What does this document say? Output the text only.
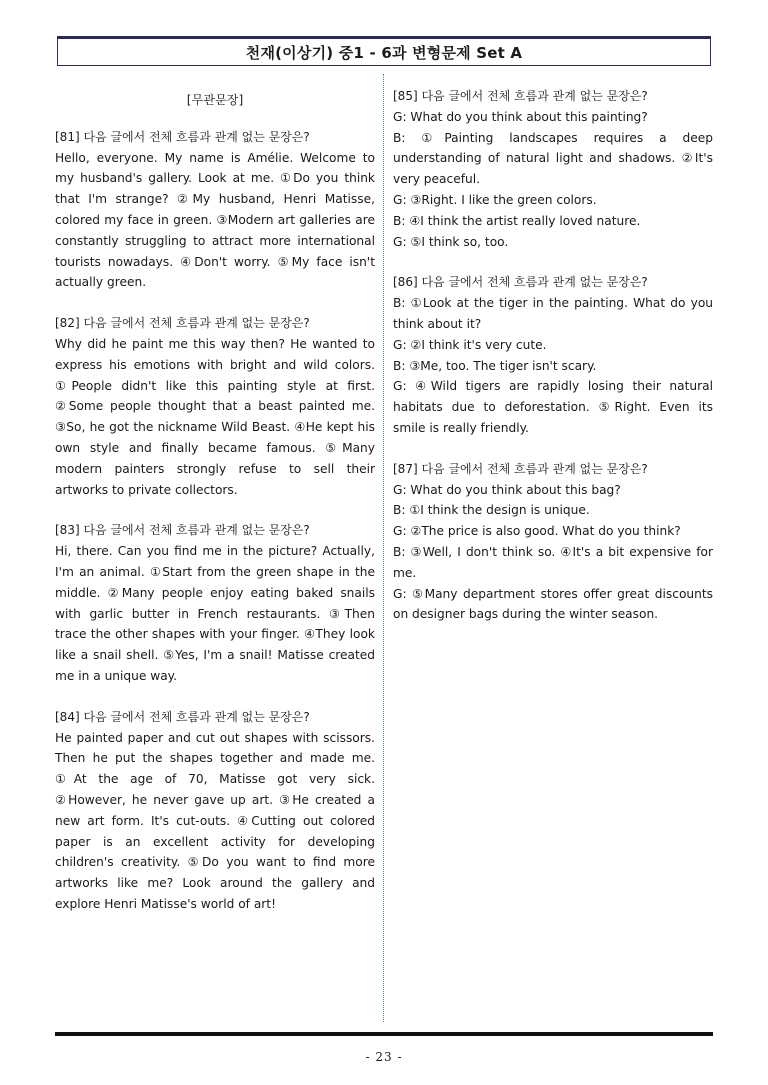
천재(이상기) 중1 - 6과 변형문제 Set A
[무관문장]
[81] 다음 글에서 전체 흐름과 관계 없는 문장은?
Hello, everyone. My name is Amélie. Welcome to my husband's gallery. Look at me. ①Do you think that I'm strange? ②My husband, Henri Matisse, colored my face in green. ③Modern art galleries are constantly struggling to attract more international tourists nowadays. ④Don't worry. ⑤My face isn't actually green.
[82] 다음 글에서 전체 흐름과 관계 없는 문장은?
Why did he paint me this way then? He wanted to express his emotions with bright and wild colors. ①People didn't like this painting style at first. ②Some people thought that a beast painted me. ③So, he got the nickname Wild Beast. ④He kept his own style and finally became famous. ⑤Many modern painters strongly refuse to sell their artworks to private collectors.
[83] 다음 글에서 전체 흐름과 관계 없는 문장은?
Hi, there. Can you find me in the picture? Actually, I'm an animal. ①Start from the green shape in the middle. ②Many people enjoy eating baked snails with garlic butter in French restaurants. ③Then trace the other shapes with your finger. ④They look like a snail shell. ⑤Yes, I'm a snail! Matisse created me in a unique way.
[84] 다음 글에서 전체 흐름과 관계 없는 문장은?
He painted paper and cut out shapes with scissors. Then he put the shapes together and made me. ①At the age of 70, Matisse got very sick. ②However, he never gave up art. ③He created a new art form. It's cut-outs. ④Cutting out colored paper is an excellent activity for developing children's creativity. ⑤Do you want to find more artworks like me? Look around the gallery and explore Henri Matisse's world of art!
[85] 다음 글에서 전체 흐름과 관계 없는 문장은?

G: What do you think about this painting?

B: ①Painting landscapes requires a deep understanding of natural light and shadows. ②It's very peaceful.

G: ③Right. I like the green colors.

B: ④I think the artist really loved nature.

G: ⑤I think so, too.

[86] 다음 글에서 전체 흐름과 관계 없는 문장은?

B: ①Look at the tiger in the painting. What do you think about it?

G: ②I think it's very cute.

B: ③Me, too. The tiger isn't scary.

G: ④Wild tigers are rapidly losing their natural habitats due to deforestation. ⑤Right. Even its smile is really friendly.

[87] 다음 글에서 전체 흐름과 관계 없는 문장은?

G: What do you think about this bag?

B: ①I think the design is unique.

G: ②The price is also good. What do you think?

B: ③Well, I don't think so. ④It's a bit expensive for me.

G: ⑤Many department stores offer great discounts on designer bags during the winter season.

- 23 -
